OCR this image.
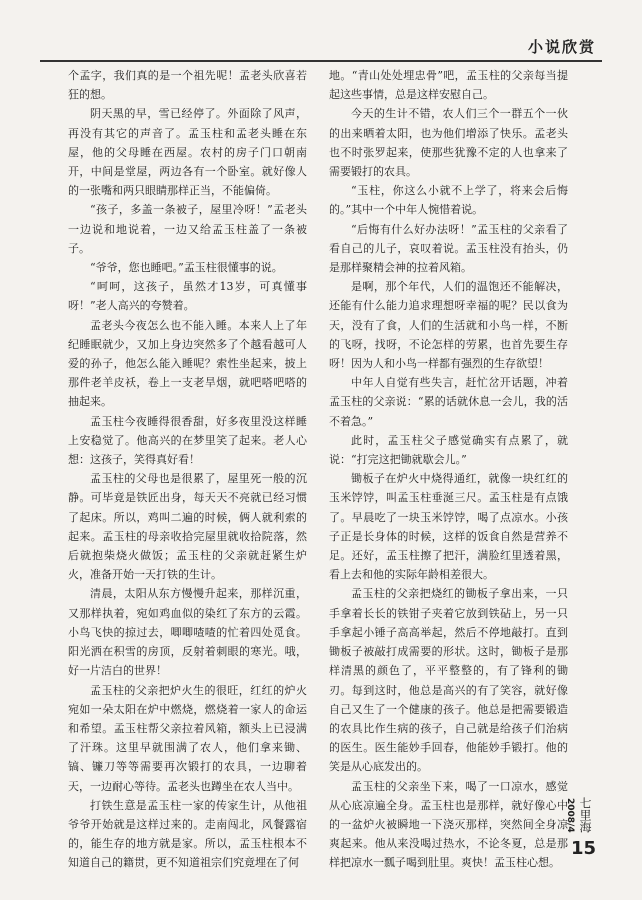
小说欣赏

个孟字，我们真的是一个祖先呢！孟老头欣喜若狂的想。

阴天黑的早，雪已经停了。外面除了风声，再没有其它的声音了。孟玉柱和孟老头睡在东屋，他的父母睡在西屋。农村的房子门口朝南开，中间是堂屋，两边各有一个卧室。就好像人的一张嘴和两只眼睛那样正当，不能偏倚。

“孩子，多盖一条被子，屋里冷呀！”孟老头一边说和地说着，一边又给孟玉柱盖了一条被子。

“爷爷，您也睡吧。”孟玉柱很懂事的说。

“呵呵，这孩子，虽然才13岁，可真懂事呀！”老人高兴的夸赞着。

孟老头今夜怎么也不能入睡。本来人上了年纪睡眠就少，又加上身边突然多了个越看越可人爱的孙子，他怎么能入睡呢？索性坐起来，披上那件老羊皮袄，卷上一支老旱烟，就吧嗒吧嗒的抽起来。

孟玉柱今夜睡得很香甜，好多夜里没这样睡上安稳觉了。他高兴的在梦里笑了起来。老人心想：这孩子，笑得真好看！

孟玉柱的父母也是很累了，屋里死一般的沉静。可毕竟是铁匠出身，每天天不亮就已经习惯了起床。所以，鸡叫二遍的时候，俩人就利索的起来。孟玉柱的母亲收拾完屋里就收拾院落，然后就抱柴烧火做饭；孟玉柱的父亲就赶紧生炉火，准备开始一天打铁的生计。

清晨，太阳从东方慢慢升起来，那样沉重，又那样执着，宛如鸡血似的染红了东方的云霞。小鸟飞快的掠过去，唧唧喳喳的忙着四处觅食。阳光洒在积雪的房顶，反射着刺眼的寒光。哦，好一片洁白的世界！

孟玉柱的父亲把炉火生的很旺，红红的炉火宛如一朵太阳在炉中燃烧，燃烧着一家人的命运和希望。孟玉柱帮父亲拉着风箱，额头上已浸满了汗珠。这里早就围满了农人，他们拿来锄、镐、镰刀等等需要再次锻打的农具，一边聊着天，一边耐心等待。孟老头也蹲坐在农人当中。

打铁生意是孟玉柱一家的传家生计，从他祖爷爷开始就是这样过来的。走南闯北，风餐露宿的，能生存的地方就是家。所以，孟玉柱根本不知道自己的籍贯，更不知道祖宗们究竟埋在了何

地。“青山处处埋忠骨”吧，孟玉柱的父亲每当提起这些事情，总是这样安慰自己。

今天的生计不错，农人们三个一群五个一伙的出来晒着太阳，也为他们增添了快乐。孟老头也不时张罗起来，使那些犹豫不定的人也拿来了需要锻打的农具。

“玉柱，你这么小就不上学了，将来会后悔的。”其中一个中年人惋惜着说。

“后悔有什么好办法呀！”孟玉柱的父亲看了看自己的儿子，哀叹着说。孟玉柱没有抬头，仍是那样聚精会神的拉着风箱。

是啊，那个年代，人们的温饱还不能解决，还能有什么能力追求理想呀幸福的呢？民以食为天，没有了食，人们的生活就和小鸟一样，不断的飞呀，找呀，不论怎样的劳累，也首先要生存呀！因为人和小鸟一样都有强烈的生存欲望！

中年人自觉有些失言，赶忙岔开话题，冲着孟玉柱的父亲说：“累的话就休息一会儿，我的活不着急。”

此时，孟玉柱父子感觉确实有点累了，就说：“打完这把锄就歇会儿。”

锄板子在炉火中烧得通红，就像一块红红的玉米饽饽，叫孟玉柱垂涎三尺。孟玉柱是有点饿了。早晨吃了一块玉米饽饽，喝了点凉水。小孩子正是长身体的时候，这样的饭食自然是营养不足。还好，孟玉柱擦了把汗，满脸红里透着黑，看上去和他的实际年龄相差很大。

孟玉柱的父亲把烧红的锄板子拿出来，一只手拿着长长的铁钳子夹着它放到铁砧上，另一只手拿起小锤子高高举起，然后不停地敲打。直到锄板子被敲打成需要的形状。这时，锄板子是那样清黑的颜色了，平平整整的，有了锋利的锄刃。每到这时，他总是高兴的有了笑容，就好像自己又生了一个健康的孩子。他总是把需要锻造的农具比作生病的孩子，自己就是给孩子们治病的医生。医生能妙手回春，他能妙手锻打。他的笑是从心底发出的。

孟玉柱的父亲坐下来，喝了一口凉水，感觉从心底凉遍全身。孟玉柱也是那样，就好像心中的一盆炉火被瞬地一下浇灭那样，突然间全身凉爽起来。他从来没喝过热水，不论冬夏，总是那样把凉水一瓢子喝到肚里。爽快！孟玉柱心想。

七里海2008/4
15
